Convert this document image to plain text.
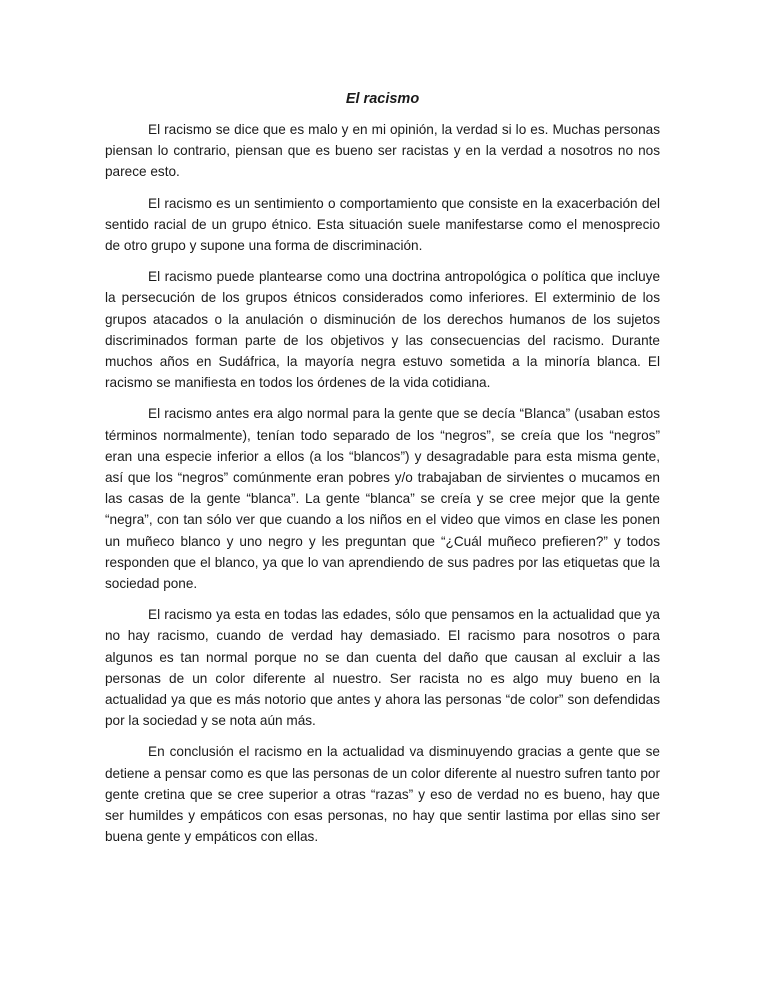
El racismo

El racismo se dice que es malo y en mi opinión, la verdad si lo es. Muchas personas piensan lo contrario, piensan que es bueno ser racistas y en la verdad a nosotros no nos parece esto.

El racismo es un sentimiento o comportamiento que consiste en la exacerbación del sentido racial de un grupo étnico. Esta situación suele manifestarse como el menosprecio de otro grupo y supone una forma de discriminación.

El racismo puede plantearse como una doctrina antropológica o política que incluye la persecución de los grupos étnicos considerados como inferiores. El exterminio de los grupos atacados o la anulación o disminución de los derechos humanos de los sujetos discriminados forman parte de los objetivos y las consecuencias del racismo. Durante muchos años en Sudáfrica, la mayoría negra estuvo sometida a la minoría blanca. El racismo se manifiesta en todos los órdenes de la vida cotidiana.

El racismo antes era algo normal para la gente que se decía “Blanca” (usaban estos términos normalmente), tenían todo separado de los “negros”, se creía que los “negros” eran una especie inferior a ellos (a los “blancos”) y desagradable para esta misma gente, así que los “negros” comúnmente eran pobres y/o trabajaban de sirvientes o mucamos en las casas de la gente “blanca”. La gente “blanca” se creía y se cree mejor que la gente “negra”, con tan sólo ver que cuando a los niños en el video que vimos en clase les ponen un muñeco blanco y uno negro y les preguntan que “¿Cuál muñeco prefieren?” y todos responden que el blanco, ya que lo van aprendiendo de sus padres por las etiquetas que la sociedad pone.

El racismo ya esta en todas las edades, sólo que pensamos en la actualidad que ya no hay racismo, cuando de verdad hay demasiado. El racismo para nosotros o para algunos es tan normal porque no se dan cuenta del daño que causan al excluir a las personas de un color diferente al nuestro. Ser racista no es algo muy bueno en la actualidad ya que es más notorio que antes y ahora las personas “de color” son defendidas por la sociedad y se nota aún más.

En conclusión el racismo en la actualidad va disminuyendo gracias a gente que se detiene a pensar como es que las personas de un color diferente al nuestro sufren tanto por gente cretina que se cree superior a otras “razas” y eso de verdad no es bueno, hay que ser humildes y empáticos con esas personas, no hay que sentir lastima por ellas sino ser buena gente y empáticos con ellas.
